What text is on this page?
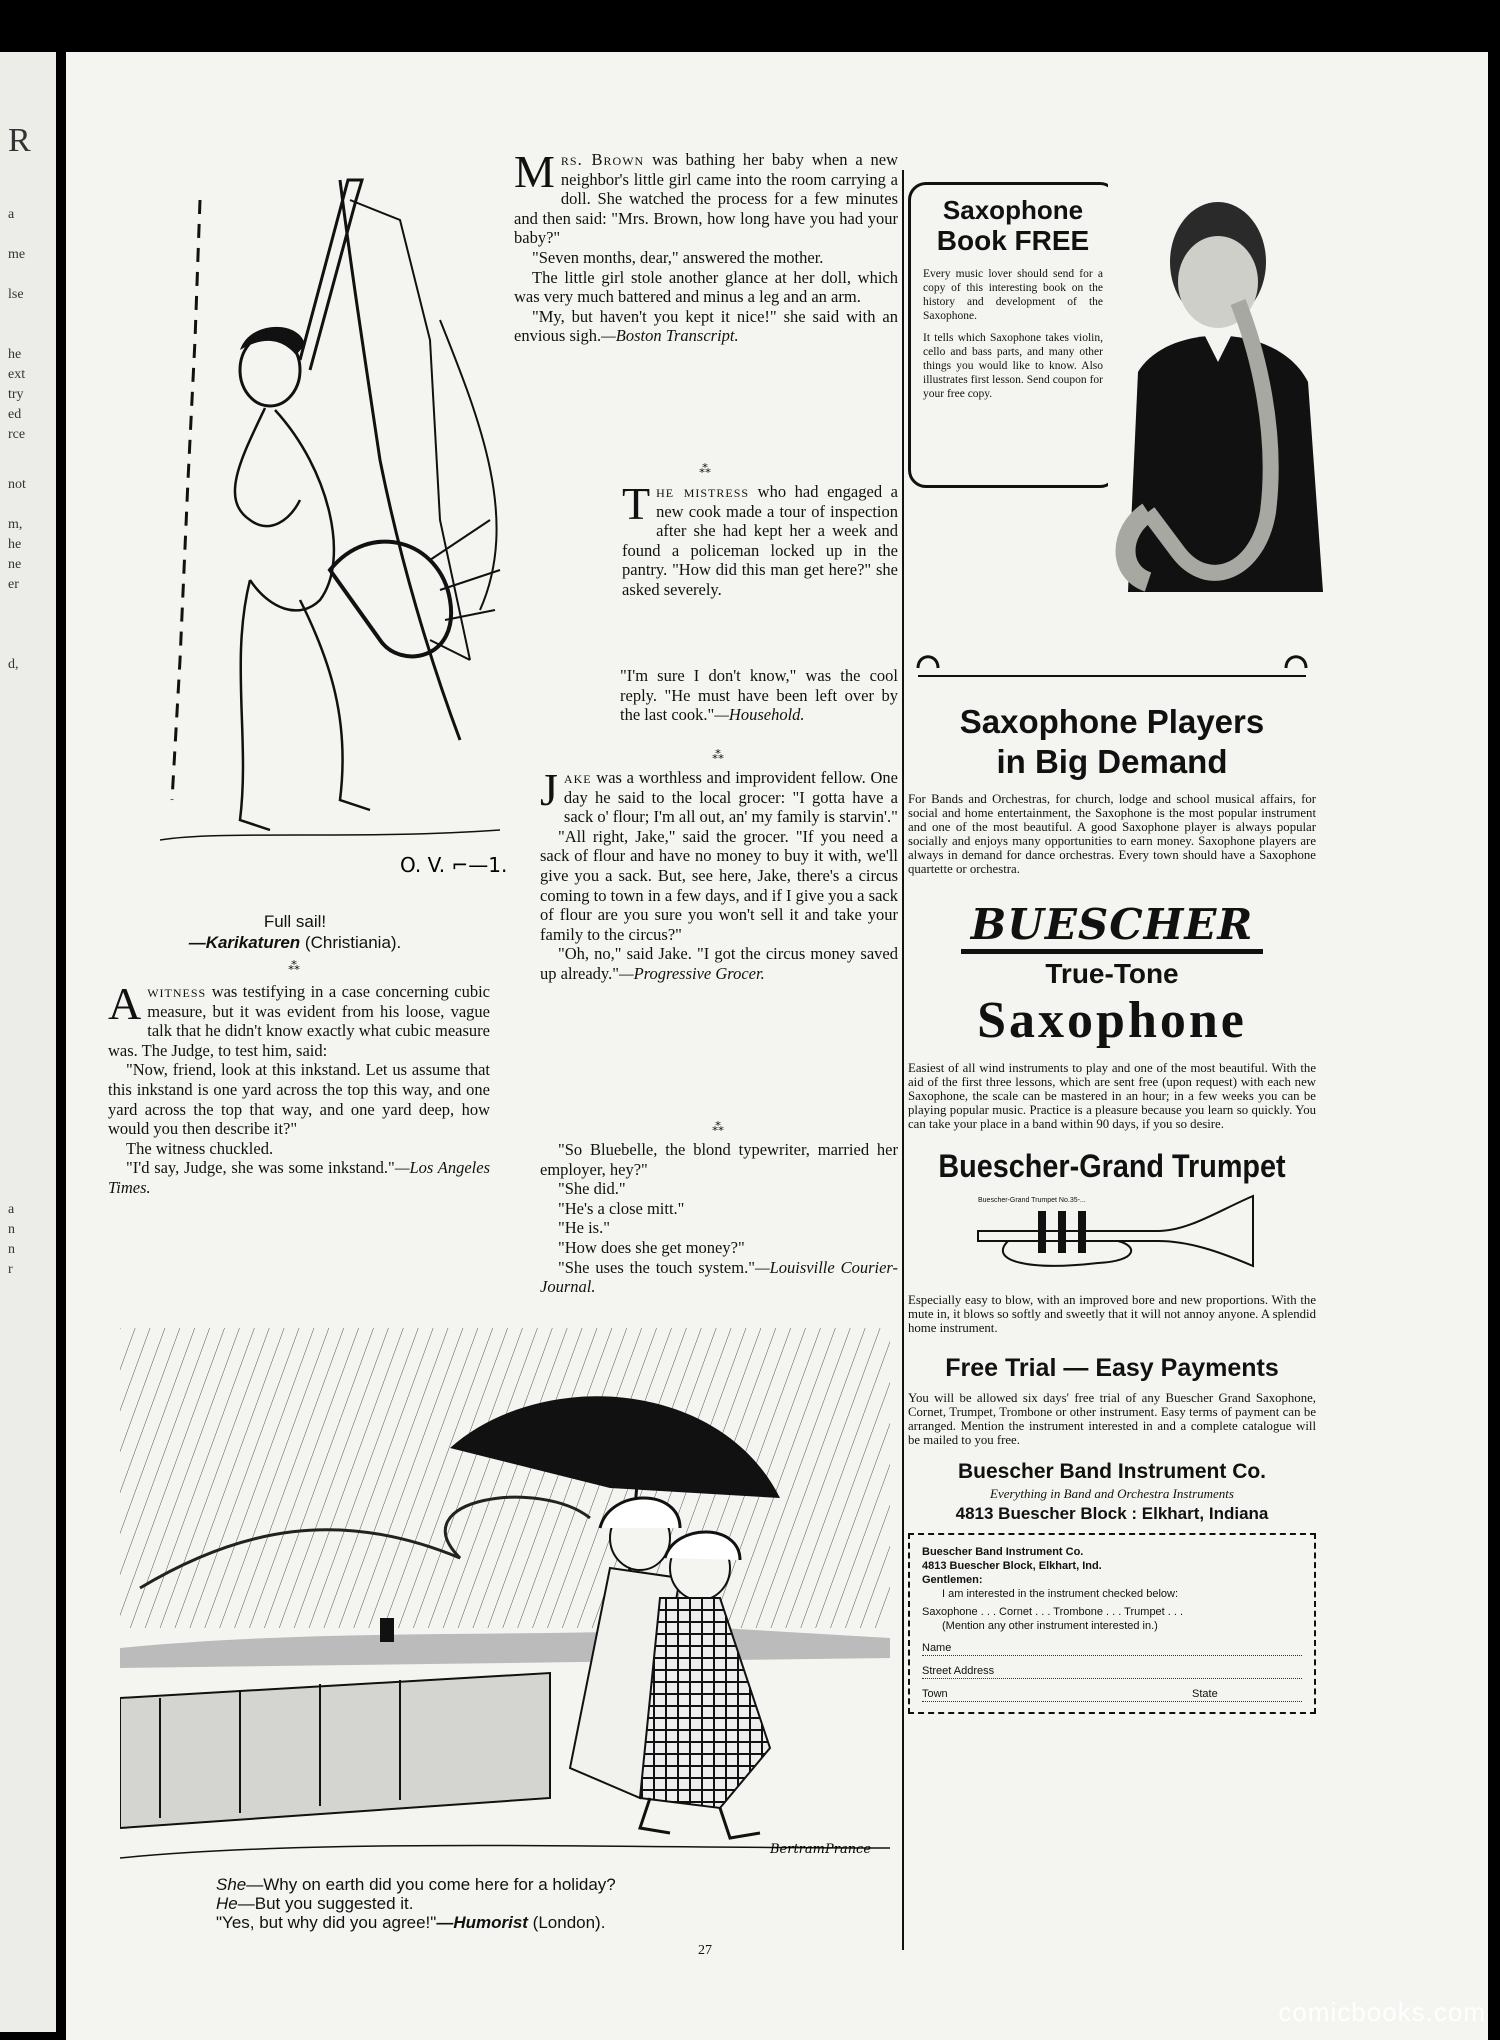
R
a
me
lse
he
ext
try
ed
rce
not
m,
he
ne
er
d,
a
n
n
r
O. V. ⌐—1.

Full sail!

—Karikaturen (Christiania).

⁂

Awitness was testifying in a case concerning cubic measure, but it was evident from his loose, vague talk that he didn't know exactly what cubic measure was. The Judge, to test him, said:

"Now, friend, look at this inkstand. Let us assume that this inkstand is one yard across the top this way, and one yard across the top that way, and one yard deep, how would you then describe it?"

The witness chuckled.

"I'd say, Judge, she was some inkstand."—Los Angeles Times.

Mrs. Brown was bathing her baby when a new neighbor's little girl came into the room carrying a doll. She watched the process for a few minutes and then said: "Mrs. Brown, how long have you had your baby?"

"Seven months, dear," answered the mother.

The little girl stole another glance at her doll, which was very much battered and minus a leg and an arm.

"My, but haven't you kept it nice!" she said with an envious sigh.—Boston Transcript.

⁂

The mistress who had engaged a new cook made a tour of inspection after she had kept her a week and found a policeman locked up in the pantry. "How did this man get here?" she asked severely.

"I'm sure I don't know," was the cool reply. "He must have been left over by the last cook."—Household.

⁂

Jake was a worthless and improvident fellow. One day he said to the local grocer: "I gotta have a sack o' flour; I'm all out, an' my family is starvin'."

"All right, Jake," said the grocer. "If you need a sack of flour and have no money to buy it with, we'll give you a sack. But, see here, Jake, there's a circus coming to town in a few days, and if I give you a sack of flour are you sure you won't sell it and take your family to the circus?"

"Oh, no," said Jake. "I got the circus money saved up already."—Progressive Grocer.

⁂

"So Bluebelle, the blond typewriter, married her employer, hey?"

"She did."

"He's a close mitt."

"He is."

"How does she get money?"

"She uses the touch system."—Louisville Courier-Journal.

BertramPrance

She—Why on earth did you come here for a holiday?

He—But you suggested it.

"Yes, but why did you agree!"—Humorist (London).

27
Saxophone
Book FREE

Every music lover should send for a copy of this interesting book on the history and development of the Saxophone.

It tells which Saxophone takes violin, cello and bass parts, and many other things you would like to know. Also illustrates first lesson. Send coupon for your free copy.

Saxophone Players
in Big Demand

For Bands and Orchestras, for church, lodge and school musical affairs, for social and home entertainment, the Saxophone is the most popular instrument and one of the most beautiful. A good Saxophone player is always popular socially and enjoys many opportunities to earn money. Saxophone players are always in demand for dance orchestras. Every town should have a Saxophone quartette or orchestra.

BUESCHER
True-Tone
Saxophone

Easiest of all wind instruments to play and one of the most beautiful. With the aid of the first three lessons, which are sent free (upon request) with each new Saxophone, the scale can be mastered in an hour; in a few weeks you can be playing popular music. Practice is a pleasure because you learn so quickly. You can take your place in a band within 90 days, if you so desire.

Buescher-Grand Trumpet
Buescher-Grand Trumpet No.35-...

Especially easy to blow, with an improved bore and new proportions. With the mute in, it blows so softly and sweetly that it will not annoy anyone. A splendid home instrument.

Free Trial — Easy Payments

You will be allowed six days' free trial of any Buescher Grand Saxophone, Cornet, Trumpet, Trombone or other instrument. Easy terms of payment can be arranged. Mention the instrument interested in and a complete catalogue will be mailed to you free.

Buescher Band Instrument Co.
Everything in Band and Orchestra Instruments
4813 Buescher Block : Elkhart, Indiana

Buescher Band Instrument Co.

4813 Buescher Block, Elkhart, Ind.

Gentlemen:

I am interested in the instrument checked below:

Saxophone . . . Cornet . . . Trombone . . . Trumpet . . .

(Mention any other instrument interested in.)

Name
Street Address
Town	State
comicbooks.com
